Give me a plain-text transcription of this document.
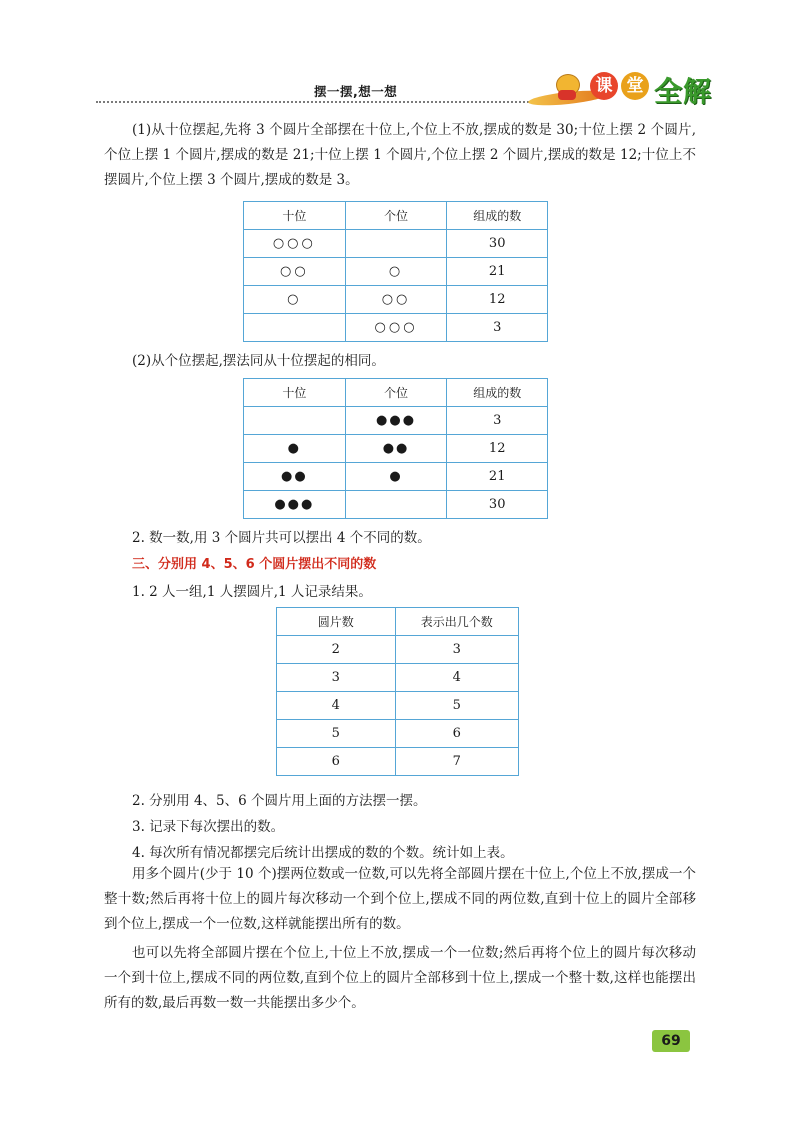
摆一摆,想一想	课 堂 全解
(1)从十位摆起,先将 3 个圆片全部摆在十位上,个位上不放,摆成的数是 30;十位上摆 2 个圆片,个位上摆 1 个圆片,摆成的数是 21;十位上摆 1 个圆片,个位上摆 2 个圆片,摆成的数是 12;十位上不摆圆片,个位上摆 3 个圆片,摆成的数是 3。
十位	个位	组成的数
○○○		30
○○	○	21
○	○○	12
	○○○	3
(2)从个位摆起,摆法同从十位摆起的相同。
十位	个位	组成的数
	●●●	3
●	●●	12
●●	●	21
●●●		30
2. 数一数,用 3 个圆片共可以摆出 4 个不同的数。
三、分别用 4、5、6 个圆片摆出不同的数
1. 2 人一组,1 人摆圆片,1 人记录结果。
圆片数	表示出几个数
2	3
3	4
4	5
5	6
6	7
2. 分别用 4、5、6 个圆片用上面的方法摆一摆。
3. 记录下每次摆出的数。
4. 每次所有情况都摆完后统计出摆成的数的个数。统计如上表。
用多个圆片(少于 10 个)摆两位数或一位数,可以先将全部圆片摆在十位上,个位上不放,摆成一个整十数;然后再将十位上的圆片每次移动一个到个位上,摆成不同的两位数,直到十位上的圆片全部移到个位上,摆成一个一位数,这样就能摆出所有的数。
也可以先将全部圆片摆在个位上,十位上不放,摆成一个一位数;然后再将个位上的圆片每次移动一个到十位上,摆成不同的两位数,直到个位上的圆片全部移到十位上,摆成一个整十数,这样也能摆出所有的数,最后再数一数一共能摆出多少个。
69
